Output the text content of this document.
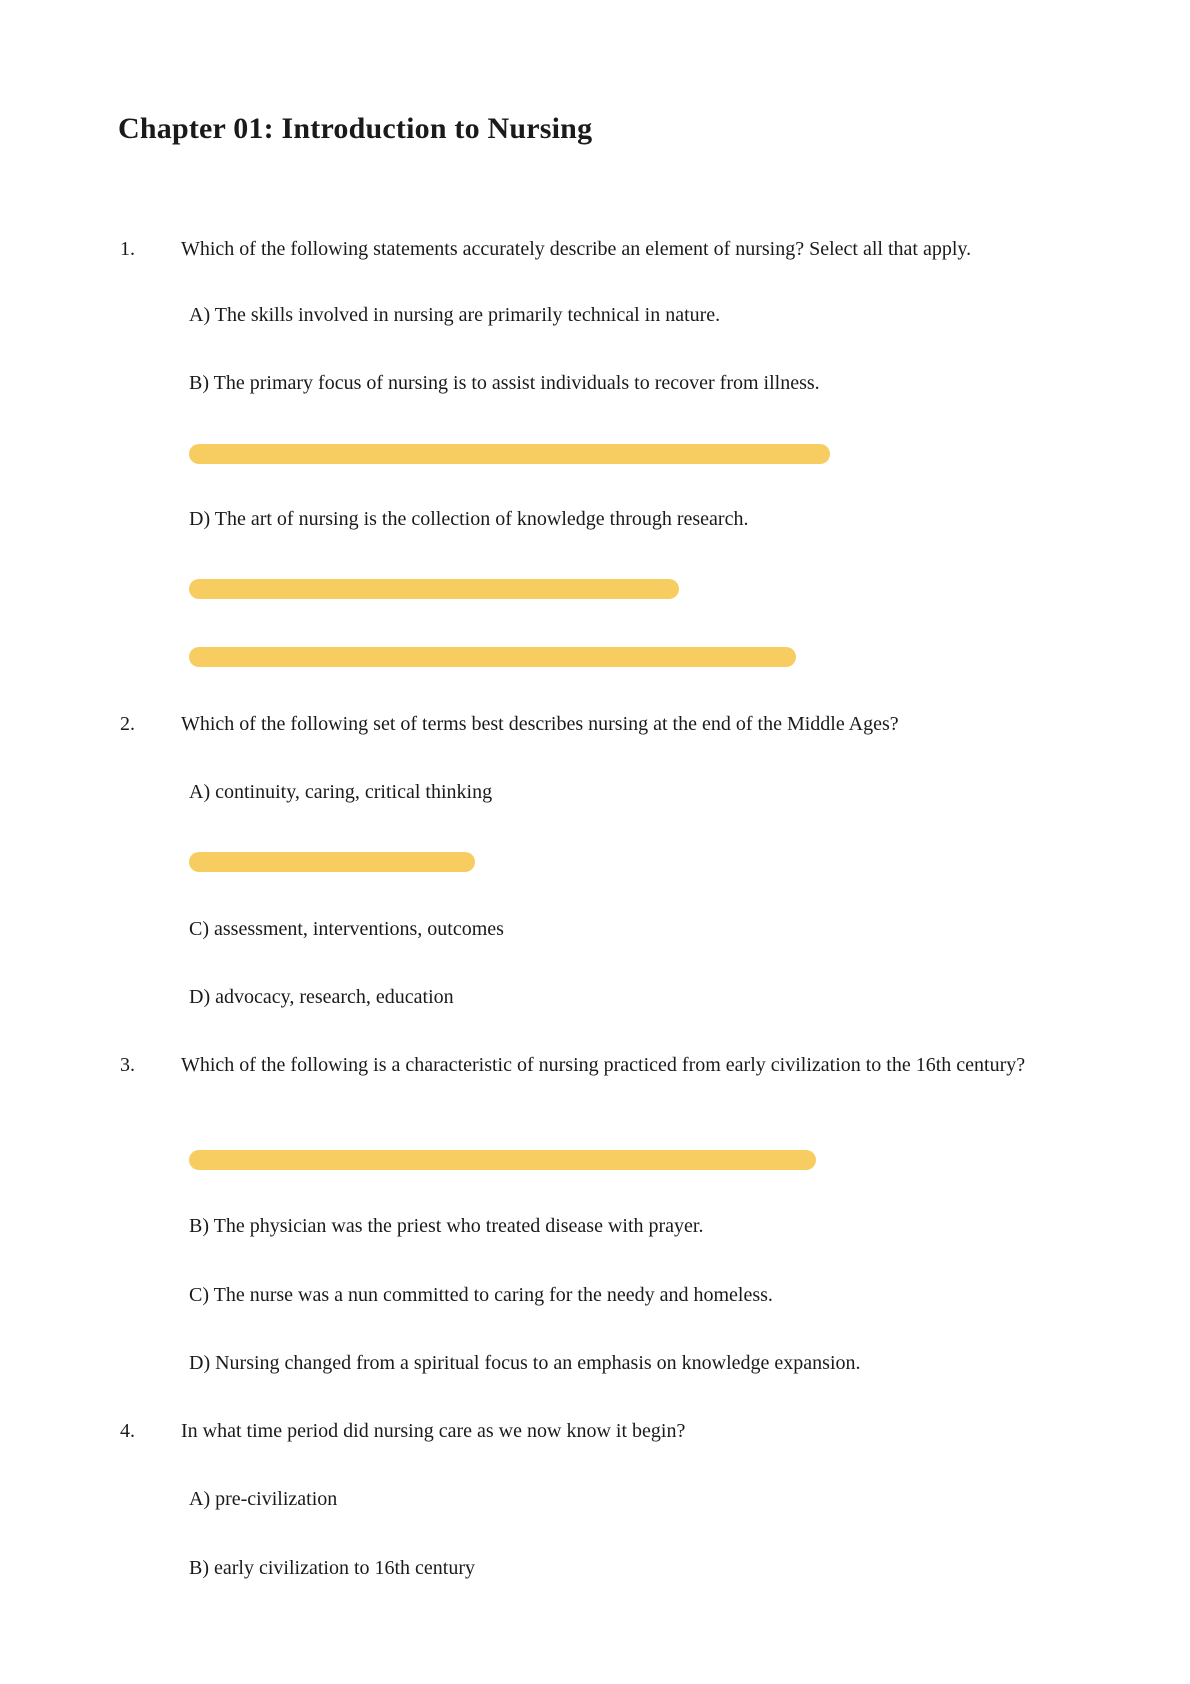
Chapter 01: Introduction to Nursing
1. Which of the following statements accurately describe an element of nursing? Select all that apply.
A) The skills involved in nursing are primarily technical in nature.
B) The primary focus of nursing is to assist individuals to recover from illness.
D) The art of nursing is the collection of knowledge through research.
2. Which of the following set of terms best describes nursing at the end of the Middle Ages?
A) continuity, caring, critical thinking
C) assessment, interventions, outcomes
D) advocacy, research, education
3. Which of the following is a characteristic of nursing practiced from early civilization to the 16th century?
B) The physician was the priest who treated disease with prayer.
C) The nurse was a nun committed to caring for the needy and homeless.
D) Nursing changed from a spiritual focus to an emphasis on knowledge expansion.
4. In what time period did nursing care as we now know it begin?
A) pre-civilization
B) early civilization to 16th century
